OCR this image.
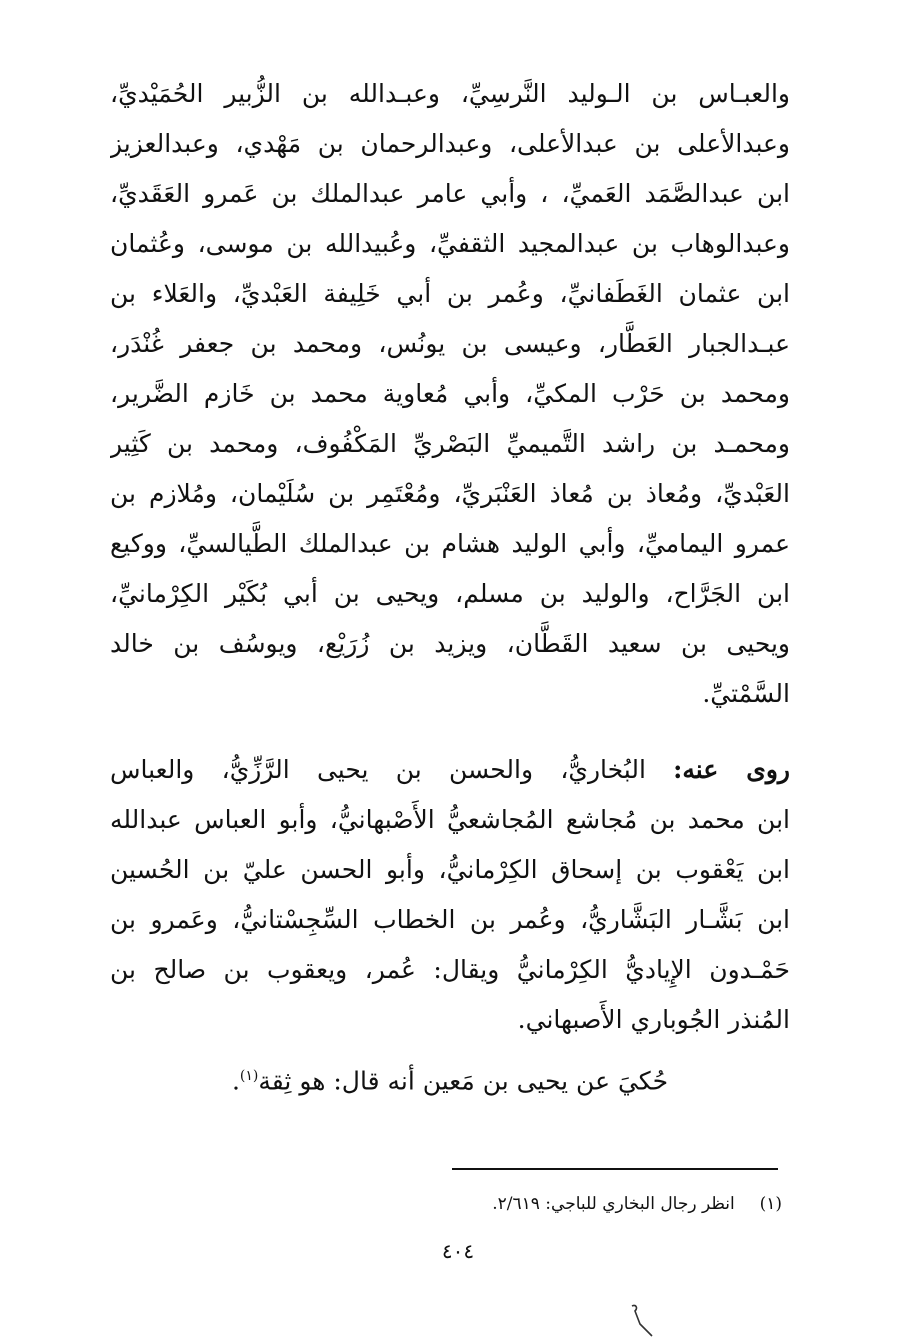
والعبـاس بن الـوليد النَّرسِيِّ، وعبـدالله بن الزُّبير الحُمَيْديِّ،
وعبدالأعلى بن عبدالأعلى، وعبدالرحمان بن مَهْدي، وعبدالعزيز
ابن عبدالصَّمَد العَميِّ، ، وأبي عامر عبدالملك بن عَمرو العَقَديِّ،
وعبدالوهاب بن عبدالمجيد الثقفيِّ، وعُبيدالله بن موسى، وعُثمان
ابن عثمان الغَطَفانيِّ، وعُمر بن أبي خَلِيفة العَبْديِّ، والعَلاء بن
عبـدالجبار العَطَّار، وعيسى بن يونُس، ومحمد بن جعفر غُنْدَر،
ومحمد بن حَرْب المكيِّ، وأبي مُعاوية محمد بن خَازم الضَّرير،
ومحمـد بن راشد التَّميميِّ البَصْريِّ المَكْفُوف، ومحمد بن كَثِير
العَبْديِّ، ومُعاذ بن مُعاذ العَنْبَريِّ، ومُعْتَمِر بن سُلَيْمان، ومُلازم بن
عمرو اليماميِّ، وأبي الوليد هشام بن عبدالملك الطَّيالسيِّ، ووكيع
ابن الجَرَّاح، والوليد بن مسلم، ويحيى بن أبي بُكَيْر الكِرْمانيِّ،
ويحيى بن سعيد القَطَّان، ويزيد بن زُرَيْع، ويوسُف بن خالد
السَّمْتيِّ.
روى عنه: البُخاريُّ، والحسن بن يحيى الرَّزِّيُّ، والعباس
ابن محمد بن مُجاشع المُجاشعيُّ الأَصْبهانيُّ، وأبو العباس عبدالله
ابن يَعْقوب بن إسحاق الكِرْمانيُّ، وأبو الحسن عليّ بن الحُسين
ابن بَشَّـار البَشَّاريُّ، وعُمر بن الخطاب السِّجِسْتانيُّ، وعَمرو بن
حَمْـدون الإِياديُّ الكِرْمانيُّ ويقال: عُمر، ويعقوب بن صالح بن
المُنذر الجُوباري الأَصبهاني.
حُكيَ عن يحيى بن مَعين أنه قال: هو ثِقة$^{(١)}$.
(١)  انظر رجال البخاري للباجي: ٢/٦١٩.
٤٠٤
